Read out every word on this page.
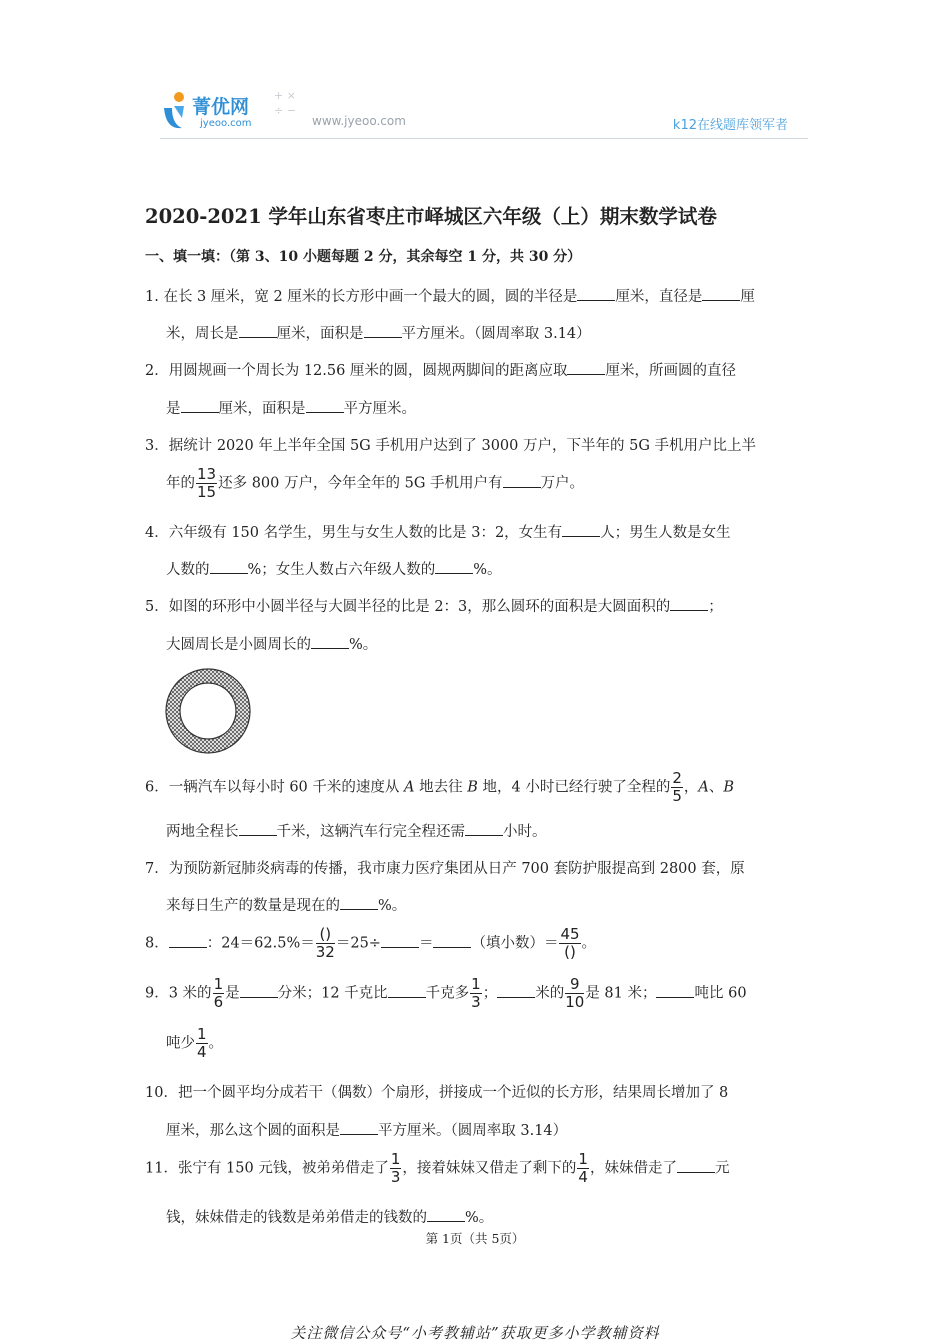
菁优网
jyeoo.com
+ × ÷ −
www.jyeoo.com	k12在线题库领军者
2020-2021 学年山东省枣庄市峄城区六年级（上）期末数学试卷
一、填一填：（第 3、10 小题每题 2 分，其余每空 1 分，共 30 分）
1. 在长 3 厘米，宽 2 厘米的长方形中画一个最大的圆，圆的半径是	厘米，直径是	厘
米，周长是	厘米，面积是	平方厘米。（圆周率取 3.14）
2．用圆规画一个周长为 12.56 厘米的圆，圆规两脚间的距离应取	厘米，所画圆的直径
是	厘米，面积是	平方厘米。
3．据统计 2020 年上半年全国 5G 手机用户达到了 3000 万户，下半年的 5G 手机用户比上半
年的 $\frac{13}{15}$ 还多 800 万户，今年全年的 5G 手机用户有	万户。
4．六年级有 150 名学生，男生与女生人数的比是 3：2，女生有	人；男生人数是女生
人数的	%；女生人数占六年级人数的	%。
5．如图的环形中小圆半径与大圆半径的比是 2：3，那么圆环的面积是大圆面积的	；
大圆周长是小圆周长的	%。
6．一辆汽车以每小时 60 千米的速度从 A 地去往 B 地，4 小时已经行驶了全程的 $\frac{2}{5}$ ，A、B
两地全程长	千米，这辆汽车行完全程还需	小时。
7．为预防新冠肺炎病毒的传播，我市康力医疗集团从日产 700 套防护服提高到 2800 套，原
来每日生产的数量是现在的	%。
8．	：$24=62.5\%= \frac{()}{32} =25\div$	＝	（填小数）＝ $\frac{45}{()}$ 。
9．3 米的 $\frac{1}{6}$ 是	分米；12 千克比	千克多 $\frac{1}{3}$ ；	米的 $\frac{9}{10}$ 是 81 米；	吨比 60
吨少 $\frac{1}{4}$ 。
10．把一个圆平均分成若干（偶数）个扇形，拼接成一个近似的长方形，结果周长增加了 8
厘米，那么这个圆的面积是	平方厘米。（圆周率取 3.14）
11．张宁有 150 元钱，被弟弟借走了 $\frac{1}{3}$ ，接着妹妹又借走了剩下的 $\frac{1}{4}$ ，妹妹借走了	元
钱，妹妹借走的钱数是弟弟借走的钱数的	%。
第 1页（共 5页）
关注微信公众号“小考教辅站”获取更多小学教辅资料
